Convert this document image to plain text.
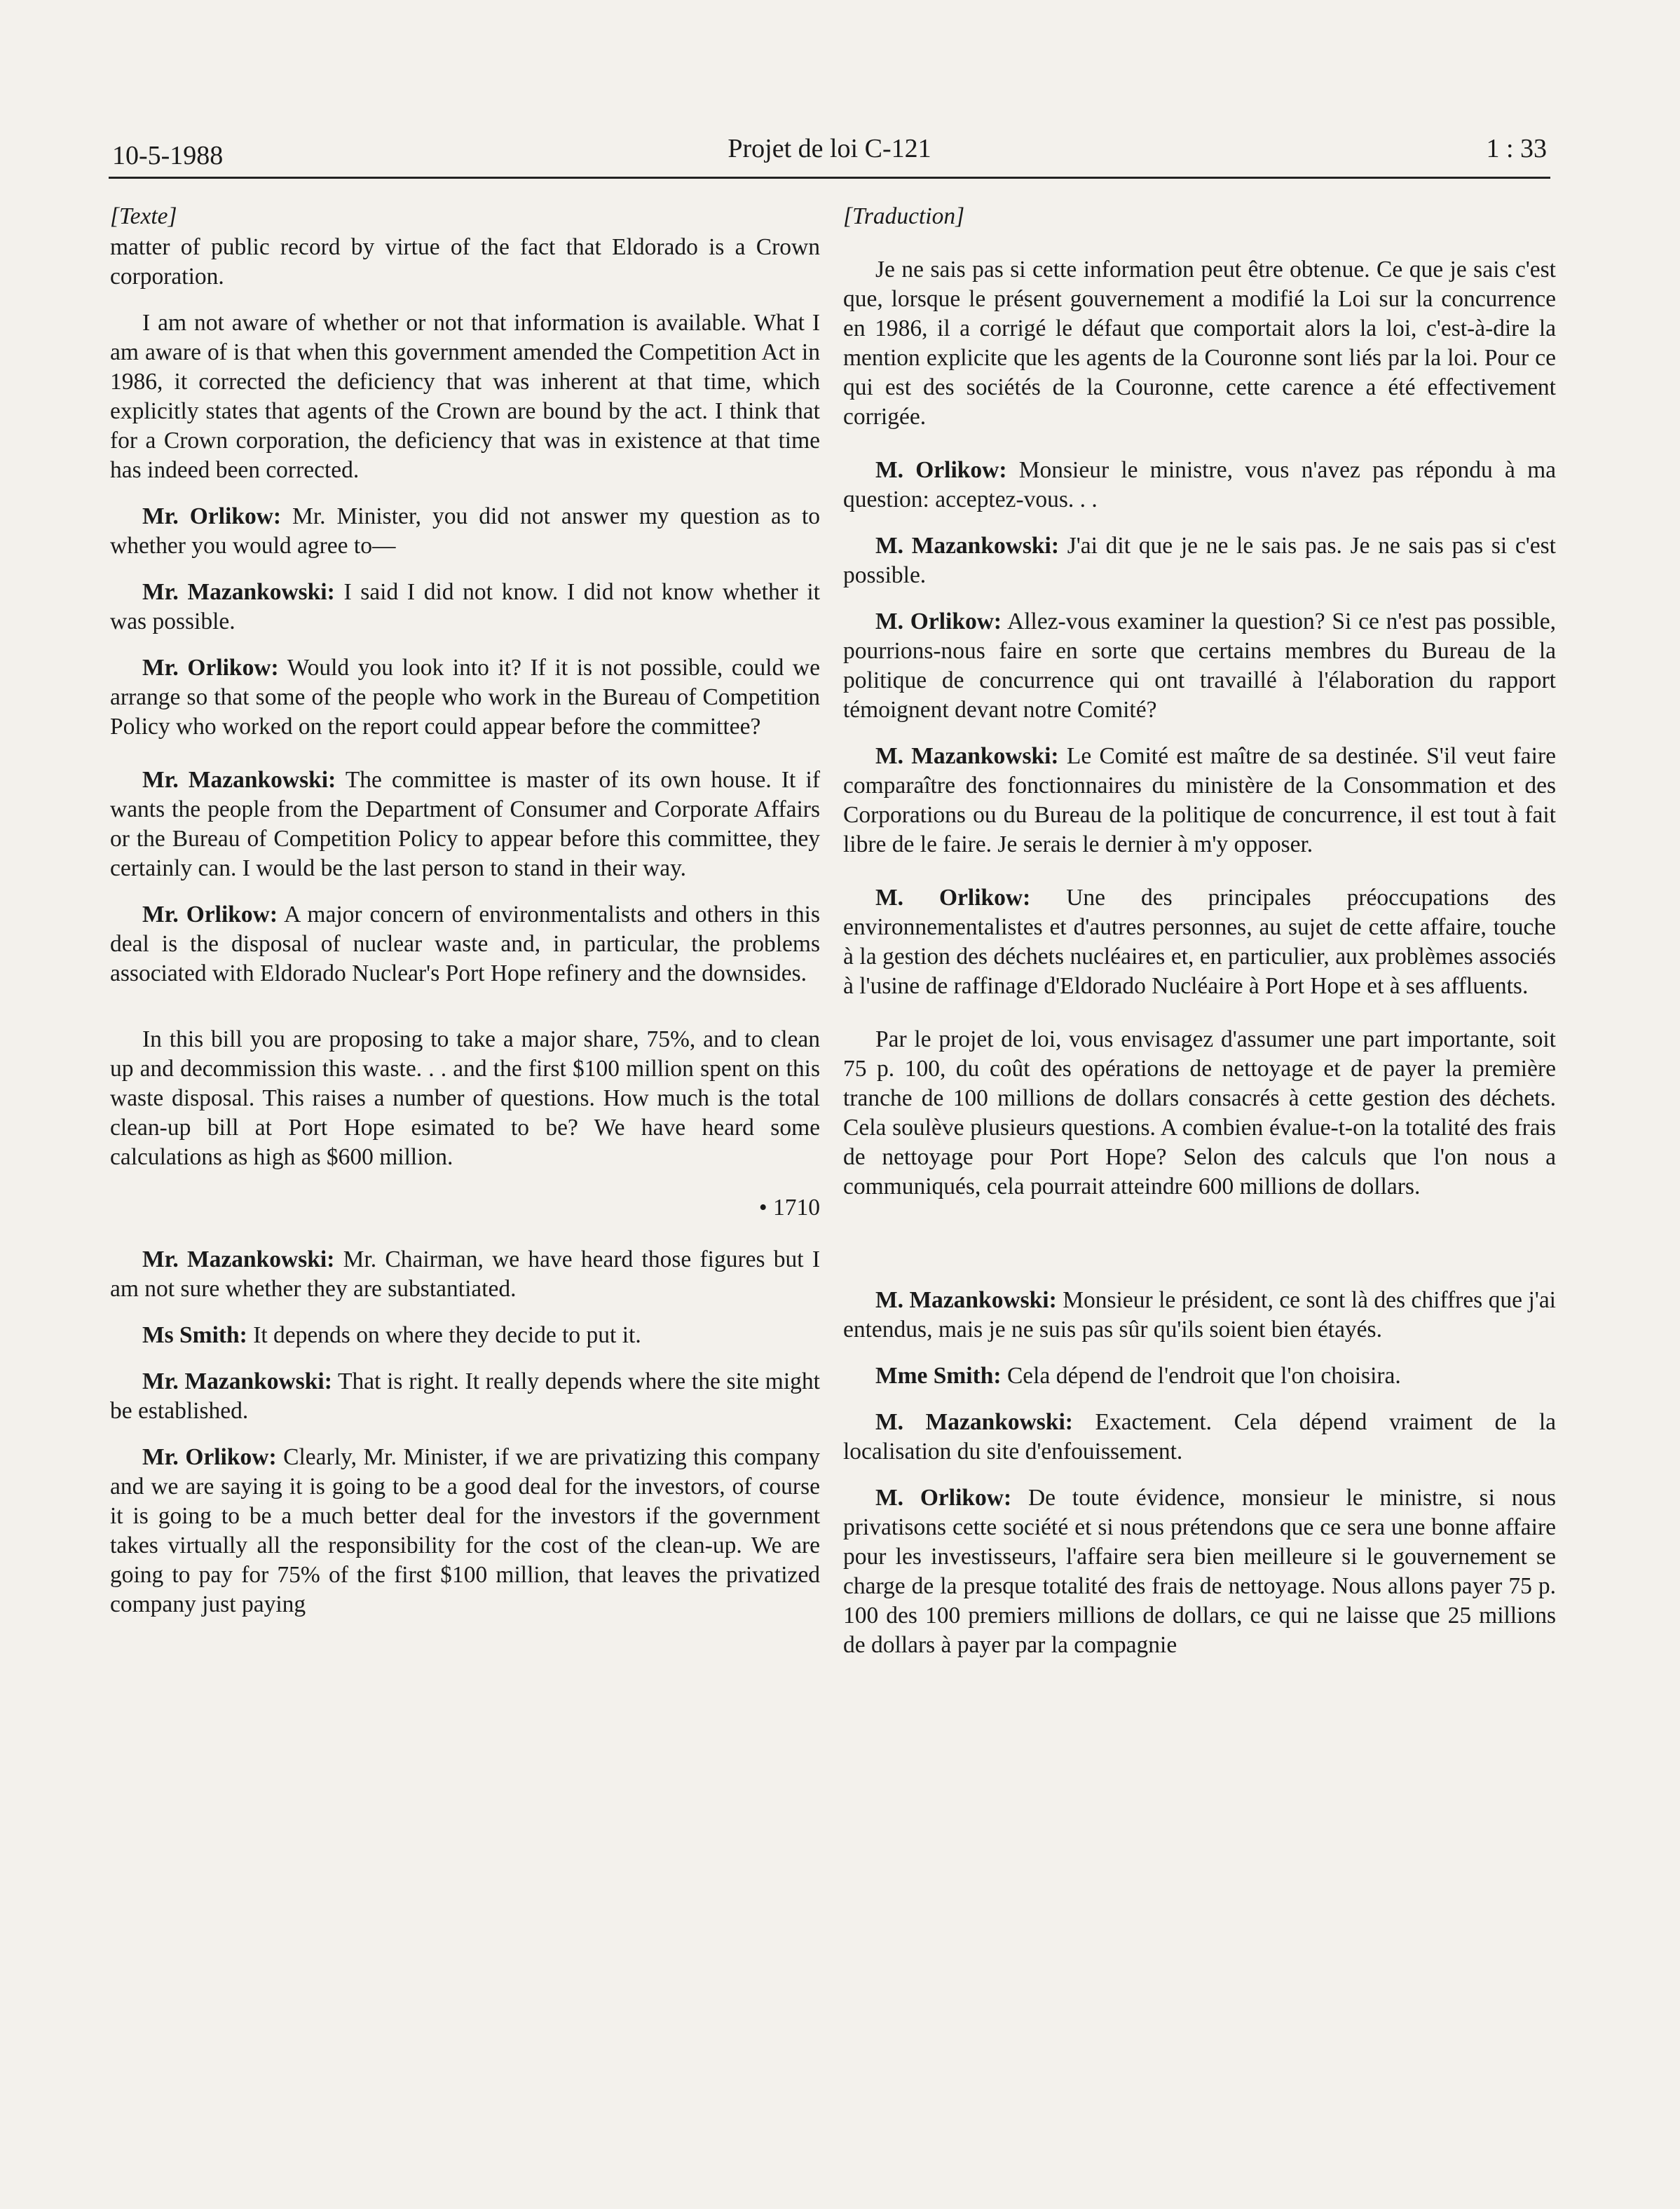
10-5-1988	Projet de loi C-121	1 : 33
[Texte]

matter of public record by virtue of the fact that Eldorado is a Crown corporation.

I am not aware of whether or not that information is available. What I am aware of is that when this government amended the Competition Act in 1986, it corrected the deficiency that was inherent at that time, which explicitly states that agents of the Crown are bound by the act. I think that for a Crown corporation, the deficiency that was in existence at that time has indeed been corrected.

Mr. Orlikow: Mr. Minister, you did not answer my question as to whether you would agree to—

Mr. Mazankowski: I said I did not know. I did not know whether it was possible.

Mr. Orlikow: Would you look into it? If it is not possible, could we arrange so that some of the people who work in the Bureau of Competition Policy who worked on the report could appear before the committee?

Mr. Mazankowski: The committee is master of its own house. It if wants the people from the Department of Consumer and Corporate Affairs or the Bureau of Competition Policy to appear before this committee, they certainly can. I would be the last person to stand in their way.

Mr. Orlikow: A major concern of environmentalists and others in this deal is the disposal of nuclear waste and, in particular, the problems associated with Eldorado Nuclear's Port Hope refinery and the downsides.

In this bill you are proposing to take a major share, 75%, and to clean up and decommission this waste. . . and the first $100 million spent on this waste disposal. This raises a number of questions. How much is the total clean-up bill at Port Hope esimated to be? We have heard some calculations as high as $600 million.

• 1710

Mr. Mazankowski: Mr. Chairman, we have heard those figures but I am not sure whether they are substantiated.

Ms Smith: It depends on where they decide to put it.

Mr. Mazankowski: That is right. It really depends where the site might be established.

Mr. Orlikow: Clearly, Mr. Minister, if we are privatizing this company and we are saying it is going to be a good deal for the investors, of course it is going to be a much better deal for the investors if the government takes virtually all the responsibility for the cost of the clean-up. We are going to pay for 75% of the first $100 million, that leaves the privatized company just paying

[Traduction]

Je ne sais pas si cette information peut être obtenue. Ce que je sais c'est que, lorsque le présent gouvernement a modifié la Loi sur la concurrence en 1986, il a corrigé le défaut que comportait alors la loi, c'est-à-dire la mention explicite que les agents de la Couronne sont liés par la loi. Pour ce qui est des sociétés de la Couronne, cette carence a été effectivement corrigée.

M. Orlikow: Monsieur le ministre, vous n'avez pas répondu à ma question: acceptez-vous. . .

M. Mazankowski: J'ai dit que je ne le sais pas. Je ne sais pas si c'est possible.

M. Orlikow: Allez-vous examiner la question? Si ce n'est pas possible, pourrions-nous faire en sorte que certains membres du Bureau de la politique de concurrence qui ont travaillé à l'élaboration du rapport témoignent devant notre Comité?

M. Mazankowski: Le Comité est maître de sa destinée. S'il veut faire comparaître des fonctionnaires du ministère de la Consommation et des Corporations ou du Bureau de la politique de concurrence, il est tout à fait libre de le faire. Je serais le dernier à m'y opposer.

M. Orlikow: Une des principales préoccupations des environnementalistes et d'autres personnes, au sujet de cette affaire, touche à la gestion des déchets nucléaires et, en particulier, aux problèmes associés à l'usine de raffinage d'Eldorado Nucléaire à Port Hope et à ses affluents.

Par le projet de loi, vous envisagez d'assumer une part importante, soit 75 p. 100, du coût des opérations de nettoyage et de payer la première tranche de 100 millions de dollars consacrés à cette gestion des déchets. Cela soulève plusieurs questions. A combien évalue-t-on la totalité des frais de nettoyage pour Port Hope? Selon des calculs que l'on nous a communiqués, cela pourrait atteindre 600 millions de dollars.

M. Mazankowski: Monsieur le président, ce sont là des chiffres que j'ai entendus, mais je ne suis pas sûr qu'ils soient bien étayés.

Mme Smith: Cela dépend de l'endroit que l'on choisira.

M. Mazankowski: Exactement. Cela dépend vraiment de la localisation du site d'enfouissement.

M. Orlikow: De toute évidence, monsieur le ministre, si nous privatisons cette société et si nous prétendons que ce sera une bonne affaire pour les investisseurs, l'affaire sera bien meilleure si le gouvernement se charge de la presque totalité des frais de nettoyage. Nous allons payer 75 p. 100 des 100 premiers millions de dollars, ce qui ne laisse que 25 millions de dollars à payer par la compagnie
